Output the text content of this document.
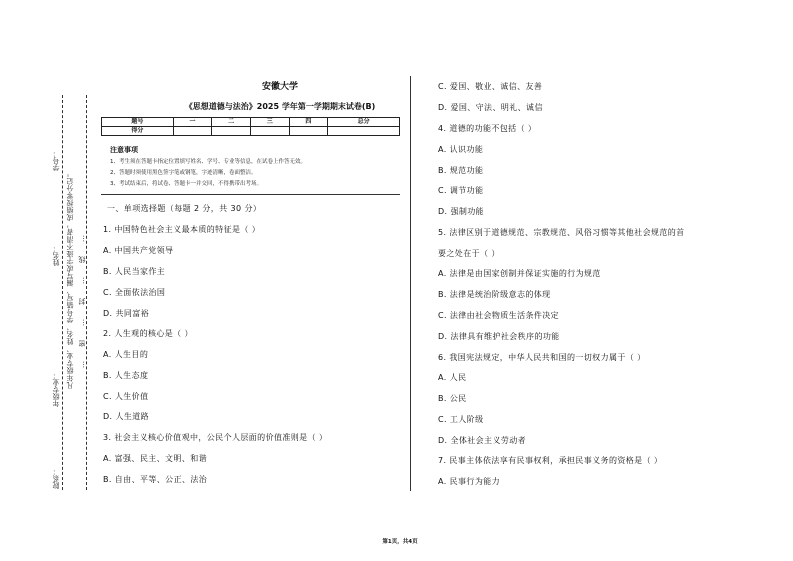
学号：
姓名：
年级专业：
院系：
凡年级专业、姓名、学号错写、漏写或字迹不清者，成绩按零分记。 …密…封…线…
安徽大学
《思想道德与法治》2025 学年第一学期期末试卷(B)
题号	一	二	三	四	总分
得分					
注意事项
1、考生须在答题卡指定位置填写姓名、学号、专业等信息，在试卷上作答无效。
2、答题时须使用黑色签字笔或钢笔，字迹清晰，卷面整洁。
3、考试结束后，将试卷、答题卡一并交回，不得携带出考场。
一、单项选择题（每题 2 分，共 30 分）
1. 中国特色社会主义最本质的特征是（ ）
A. 中国共产党领导
B. 人民当家作主
C. 全面依法治国
D. 共同富裕
2. 人生观的核心是（ ）
A. 人生目的
B. 人生态度
C. 人生价值
D. 人生道路
3. 社会主义核心价值观中，公民个人层面的价值准则是（ ）
A. 富强、民主、文明、和谐
B. 自由、平等、公正、法治
C. 爱国、敬业、诚信、友善
D. 爱国、守法、明礼、诚信
4. 道德的功能不包括（ ）
A. 认识功能
B. 规范功能
C. 调节功能
D. 强制功能
5. 法律区别于道德规范、宗教规范、风俗习惯等其他社会规范的首
要之处在于（ ）
A. 法律是由国家创制并保证实施的行为规范
B. 法律是统治阶级意志的体现
C. 法律由社会物质生活条件决定
D. 法律具有维护社会秩序的功能
6. 我国宪法规定，中华人民共和国的一切权力属于（ ）
A. 人民
B. 公民
C. 工人阶级
D. 全体社会主义劳动者
7. 民事主体依法享有民事权利，承担民事义务的资格是（ ）
A. 民事行为能力
第1页，共4页
